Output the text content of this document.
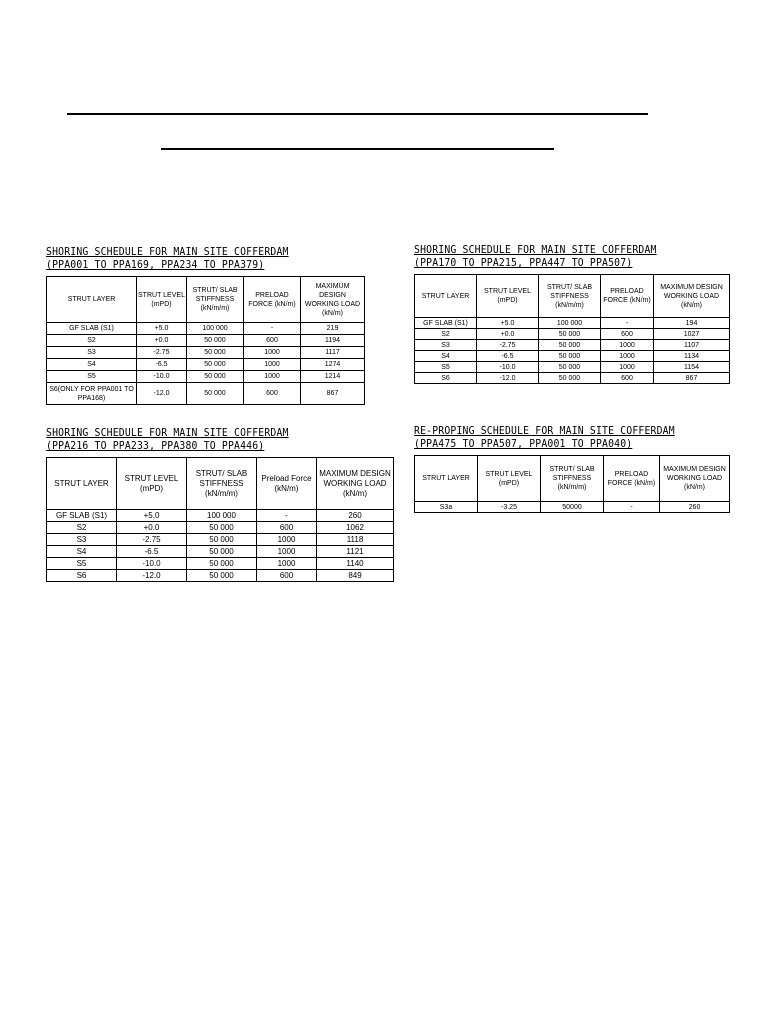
SHORING SCHEDULE FOR MAIN SITE COFFERDAM
(PPA001 TO PPA169, PPA234 TO PPA379)
STRUT LAYER	STRUT LEVEL (mPD)	STRUT/ SLAB STIFFNESS (kN/m/m)	PRELOAD FORCE (kN/m)	MAXIMUM DESIGN WORKING LOAD (kN/m)
GF SLAB (S1)	+5.0	100 000	-	219
S2	+0.0	50 000	600	1194
S3	-2.75	50 000	1000	1117
S4	-6.5	50 000	1000	1274
S5	-10.0	50 000	1000	1214
S6(ONLY FOR PPA001 TO PPA168)	-12.0	50 000	600	867
SHORING SCHEDULE FOR MAIN SITE COFFERDAM
(PPA170 TO PPA215, PPA447 TO PPA507)
STRUT LAYER	STRUT LEVEL (mPD)	STRUT/ SLAB STIFFNESS (kN/m/m)	PRELOAD FORCE (kN/m)	MAXIMUM DESIGN WORKING LOAD (kN/m)
GF SLAB (S1)	+5.0	100 000	-	194
S2	+0.0	50 000	600	1027
S3	-2.75	50 000	1000	1107
S4	-6.5	50 000	1000	1134
S5	-10.0	50 000	1000	1154
S6	-12.0	50 000	600	867
SHORING SCHEDULE FOR MAIN SITE COFFERDAM
(PPA216 TO PPA233, PPA380 TO PPA446)
STRUT LAYER	STRUT LEVEL (mPD)	STRUT/ SLAB STIFFNESS (kN/m/m)	Preload Force (kN/m)	MAXIMUM DESIGN WORKING LOAD (kN/m)
GF SLAB (S1)	+5.0	100 000	-	260
S2	+0.0	50 000	600	1062
S3	-2.75	50 000	1000	1118
S4	-6.5	50 000	1000	1121
S5	-10.0	50 000	1000	1140
S6	-12.0	50 000	600	849
RE-PROPING SCHEDULE FOR MAIN SITE COFFERDAM
(PPA475 TO PPA507, PPA001 TO PPA040)
STRUT LAYER	STRUT LEVEL (mPD)	STRUT/ SLAB STIFFNESS (kN/m/m)	PRELOAD FORCE (kN/m)	MAXIMUM DESIGN WORKING LOAD (kN/m)
S3a	-3.25	50000	-	260
